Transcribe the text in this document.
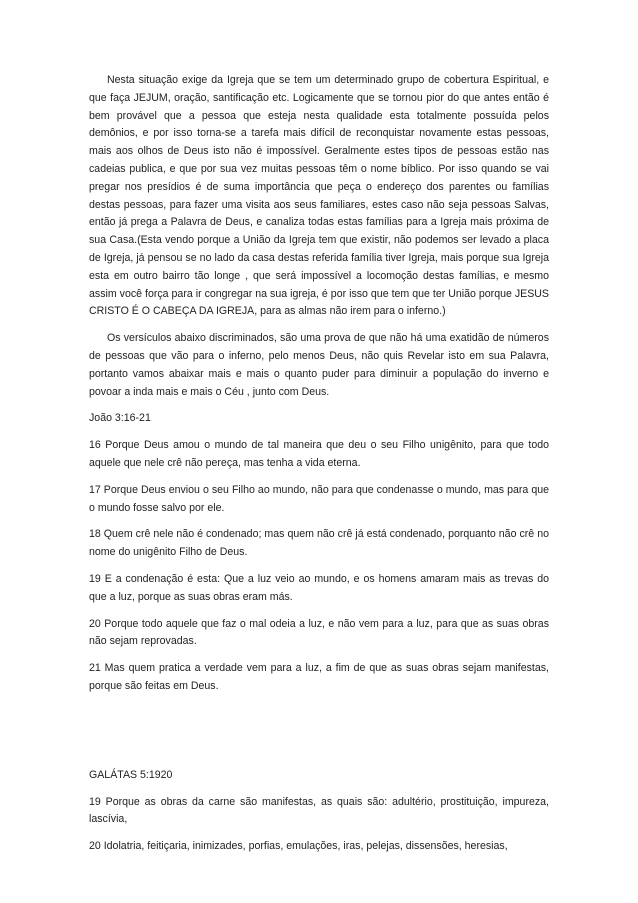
Nesta situação exige da Igreja que se tem um determinado grupo de cobertura Espiritual, e que faça JEJUM, oração, santificação etc. Logicamente que se tornou pior do que antes então é bem provável que a pessoa que esteja nesta qualidade esta totalmente possuída pelos demônios, e por isso torna-se a tarefa mais difícil de reconquistar novamente estas pessoas, mais aos olhos de Deus isto não é impossível. Geralmente estes tipos de pessoas estão nas cadeias publica, e que por sua vez muitas pessoas têm o nome bíblico. Por isso quando se vai pregar nos presídios é de suma importância que peça o endereço dos parentes ou famílias destas pessoas, para fazer uma visita aos seus familiares, estes caso não seja pessoas Salvas, então já prega a Palavra de Deus, e canaliza todas estas famílias para a Igreja mais próxima de sua Casa.(Esta vendo porque a União da Igreja tem que existir, não podemos ser levado a placa de Igreja, já pensou se no lado da casa destas referida família tiver Igreja, mais porque sua Igreja esta em outro bairro tão longe , que será impossível a locomoção destas famílias, e mesmo assim você força para ir congregar na sua igreja, é por isso que tem que ter União porque JESUS CRISTO É O CABEÇA DA IGREJA, para as almas não irem para o inferno.)

Os versículos abaixo discriminados, são uma prova de que não há uma exatidão de números de pessoas que vão para o inferno, pelo menos Deus, não quis Revelar isto em sua Palavra, portanto vamos abaixar mais e mais o quanto puder para diminuir a população do inverno e povoar a inda mais e mais o Céu , junto com Deus.

João 3:16-21

16 Porque Deus amou o mundo de tal maneira que deu o seu Filho unigênito, para que todo aquele que nele crê não pereça, mas tenha a vida eterna.

17 Porque Deus enviou o seu Filho ao mundo, não para que condenasse o mundo, mas para que o mundo fosse salvo por ele.

18 Quem crê nele não é condenado; mas quem não crê já está condenado, porquanto não crê no nome do unigênito Filho de Deus.

19 E a condenação é esta: Que a luz veio ao mundo, e os homens amaram mais as trevas do que a luz, porque as suas obras eram más.

20 Porque todo aquele que faz o mal odeia a luz, e não vem para a luz, para que as suas obras não sejam reprovadas.

21 Mas quem pratica a verdade vem para a luz, a fim de que as suas obras sejam manifestas, porque são feitas em Deus.

GALÁTAS 5:1920

19 Porque as obras da carne são manifestas, as quais são: adultério, prostituição, impureza, lascívia,

20 Idolatria, feitiçaria, inimizades, porfias, emulações, iras, pelejas, dissensões, heresias,
